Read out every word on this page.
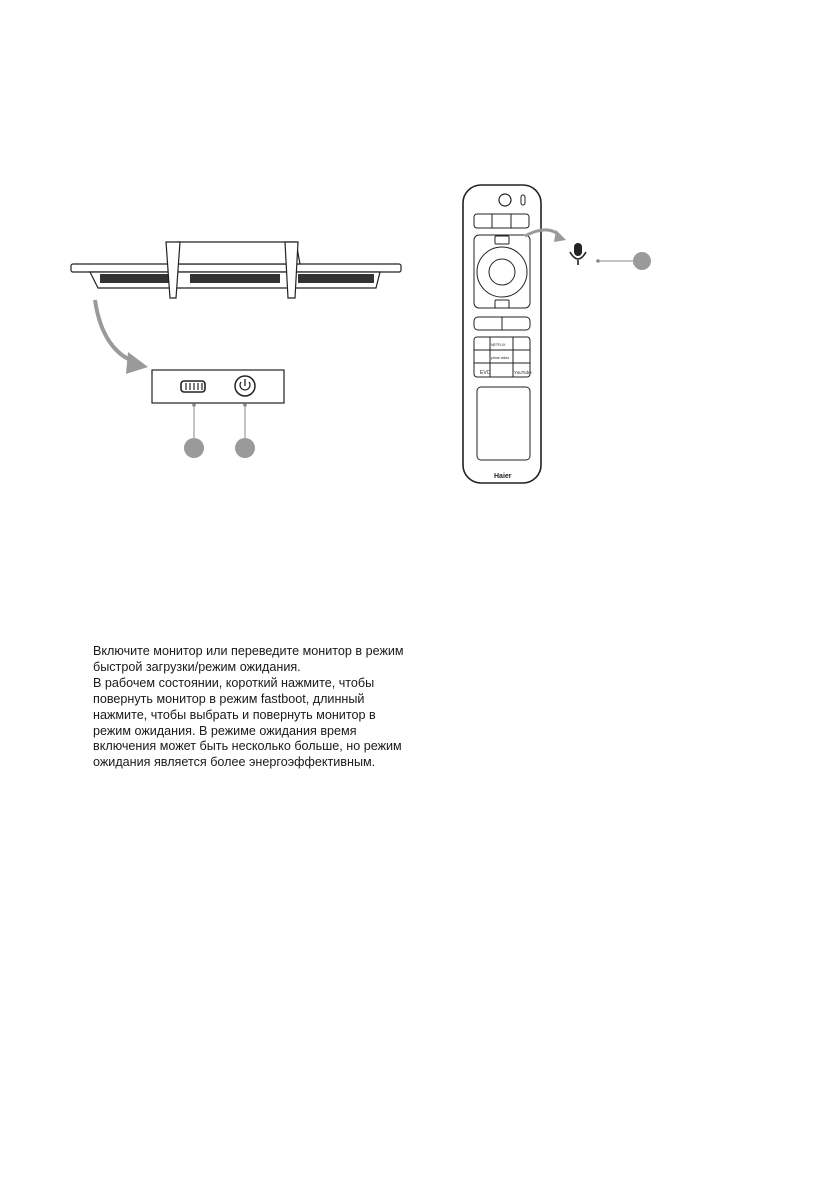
EVO	YouTube
NETFLIX
prime video
Haier

Включите монитор или переведите монитор в режим быстрой загрузки/режим ожидания.

В рабочем состоянии, короткий нажмите, чтобы повернуть монитор в режим fastboot, длинный нажмите, чтобы выбрать и повернуть монитор в режим ожидания. В режиме ожидания время включения может быть несколько больше, но режим ожидания является более энергоэффективным.
